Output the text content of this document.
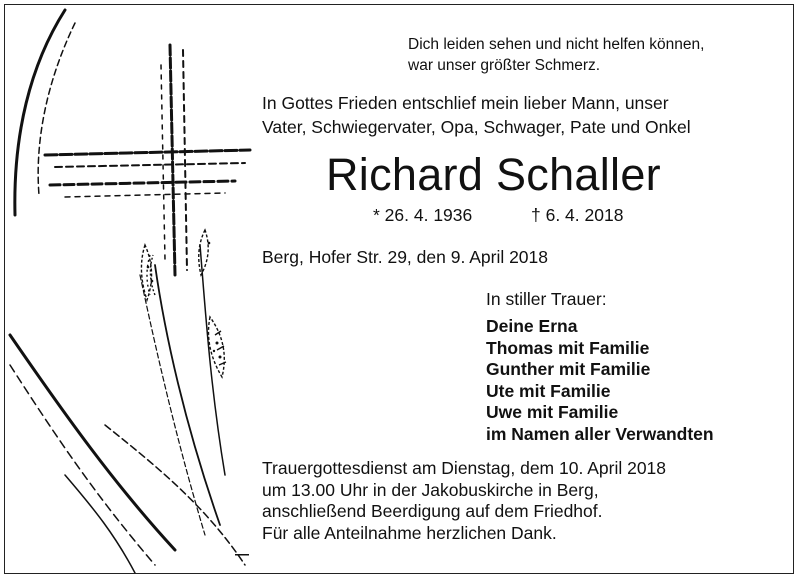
Dich leiden sehen und nicht helfen können,
war unser größter Schmerz.

In Gottes Frieden entschlief mein lieber Mann, unser
Vater, Schwiegervater, Opa, Schwager, Pate und Onkel

Richard Schaller
* 26. 4. 1936	† 6. 4. 2018

Berg, Hofer Str. 29, den 9. April 2018

In stiller Trauer:

Deine Erna
Thomas mit Familie
Gunther mit Familie
Ute mit Familie
Uwe mit Familie
im Namen aller Verwandten

Trauergottesdienst am Dienstag, dem 10. April 2018
um 13.00 Uhr in der Jakobuskirche in Berg,
anschließend Beerdigung auf dem Friedhof.
Für alle Anteilnahme herzlichen Dank.
